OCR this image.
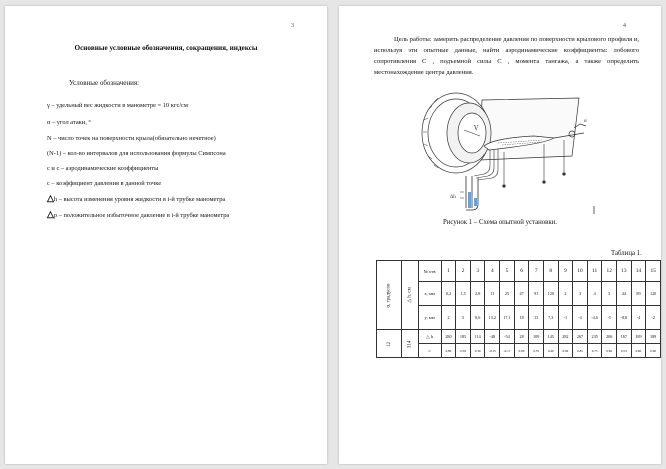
3
Основные условные обозначения, сокращения, индексы
Условные обозначения:
γ – удельный вес жидкости в манометре = 10 кгс/см
α – угол атаки, °
N – число точек на поверхности крыла(обязательно нечетное)
(N-1) – кол-во интервалов для использования формулы Симпсона
c и c – аэродинамические коэффициенты
c – коэффициент давления в данной точке
△h – высота изменения уровня жидкости в i-й трубке манометра
△p – положительное избыточное давление в i-й трубке манометра
4
Цель работы: замерить распределение давления по поверхности крылового профиля и, используя эти опытные данные, найти аэродинамические коэффициенты: лобового сопротивления C , подъемной силы C , момента тангажа, а также определить местонахождение центра давления.
V
α
Δh
Рисунок 1 – Схема опытной установки.
Таблица 1.
α, градусов	△ h, см	№ отв	1	2	3	4	5	6	7	8	9	10	11	12	13	14	15
		x, мм	0,2	1,5	2,8	11	25	47	91	120	2	3	4	5	44	89	120
		y, мм	2	5	8,6	13,2	17,1	18	13	7,3	-1	-4	-4,6	-5	-8,8	-4	-2
12	314	△ h	280	185	114	-48	-54	28	109	145	282	267	235	206	167	189	189
		c	0,89	0,59	0,36	-0,15	-0,17	0,09	0,35	0,46	0,90	0,85	0,75	0,66	0,53	0,60	0,60
